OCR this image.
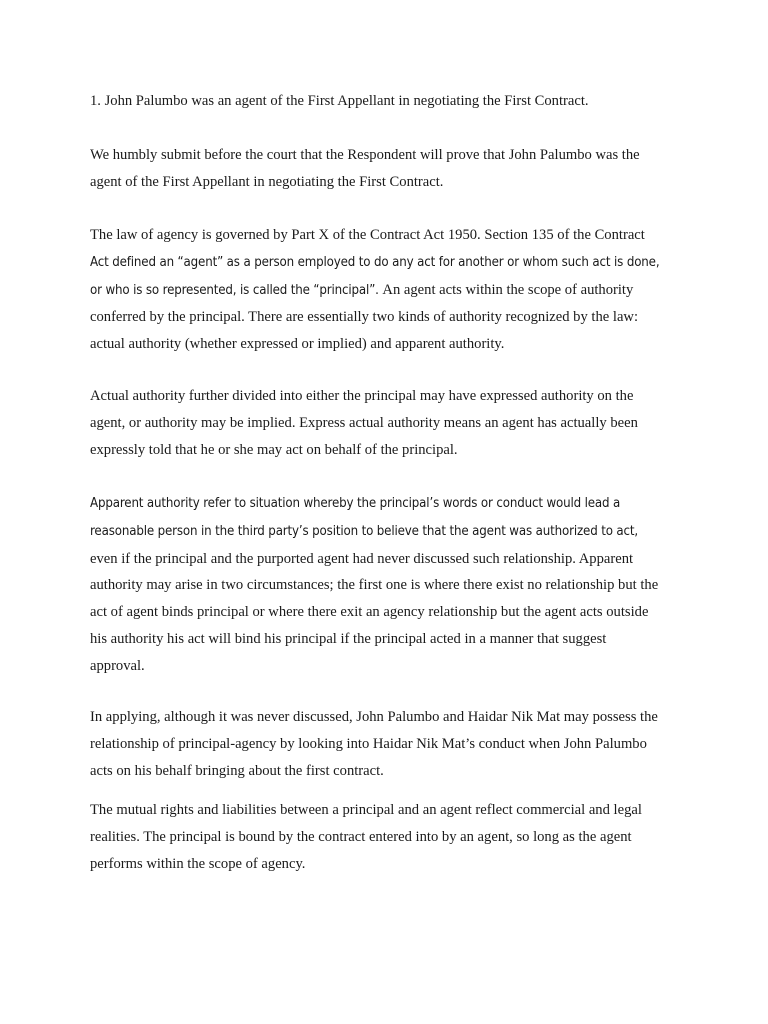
1. John Palumbo was an agent of the First Appellant in negotiating the First Contract.

We humbly submit before the court that the Respondent will prove that John Palumbo was the
agent of the First Appellant in negotiating the First Contract.

The law of agency is governed by Part X of the Contract Act 1950. Section 135 of the Contract
Act defined an “agent” as a person employed to do any act for another or whom such act is done,
or who is so represented, is called the “principal”. An agent acts within the scope of authority
conferred by the principal. There are essentially two kinds of authority recognized by the law:
actual authority (whether expressed or implied) and apparent authority.

Actual authority further divided into either the principal may have expressed authority on the
agent, or authority may be implied. Express actual authority means an agent has actually been
expressly told that he or she may act on behalf of the principal.

Apparent authority refer to situation whereby the principal’s words or conduct would lead a
reasonable person in the third party’s position to believe that the agent was authorized to act,
even if the principal and the purported agent had never discussed such relationship. Apparent
authority may arise in two circumstances; the first one is where there exist no relationship but the
act of agent binds principal or where there exit an agency relationship but the agent acts outside
his authority his act will bind his principal if the principal acted in a manner that suggest
approval.

In applying, although it was never discussed, John Palumbo and Haidar Nik Mat may possess the
relationship of principal-agency by looking into Haidar Nik Mat’s conduct when John Palumbo
acts on his behalf bringing about the first contract.

The mutual rights and liabilities between a principal and an agent reflect commercial and legal
realities. The principal is bound by the contract entered into by an agent, so long as the agent
performs within the scope of agency.
